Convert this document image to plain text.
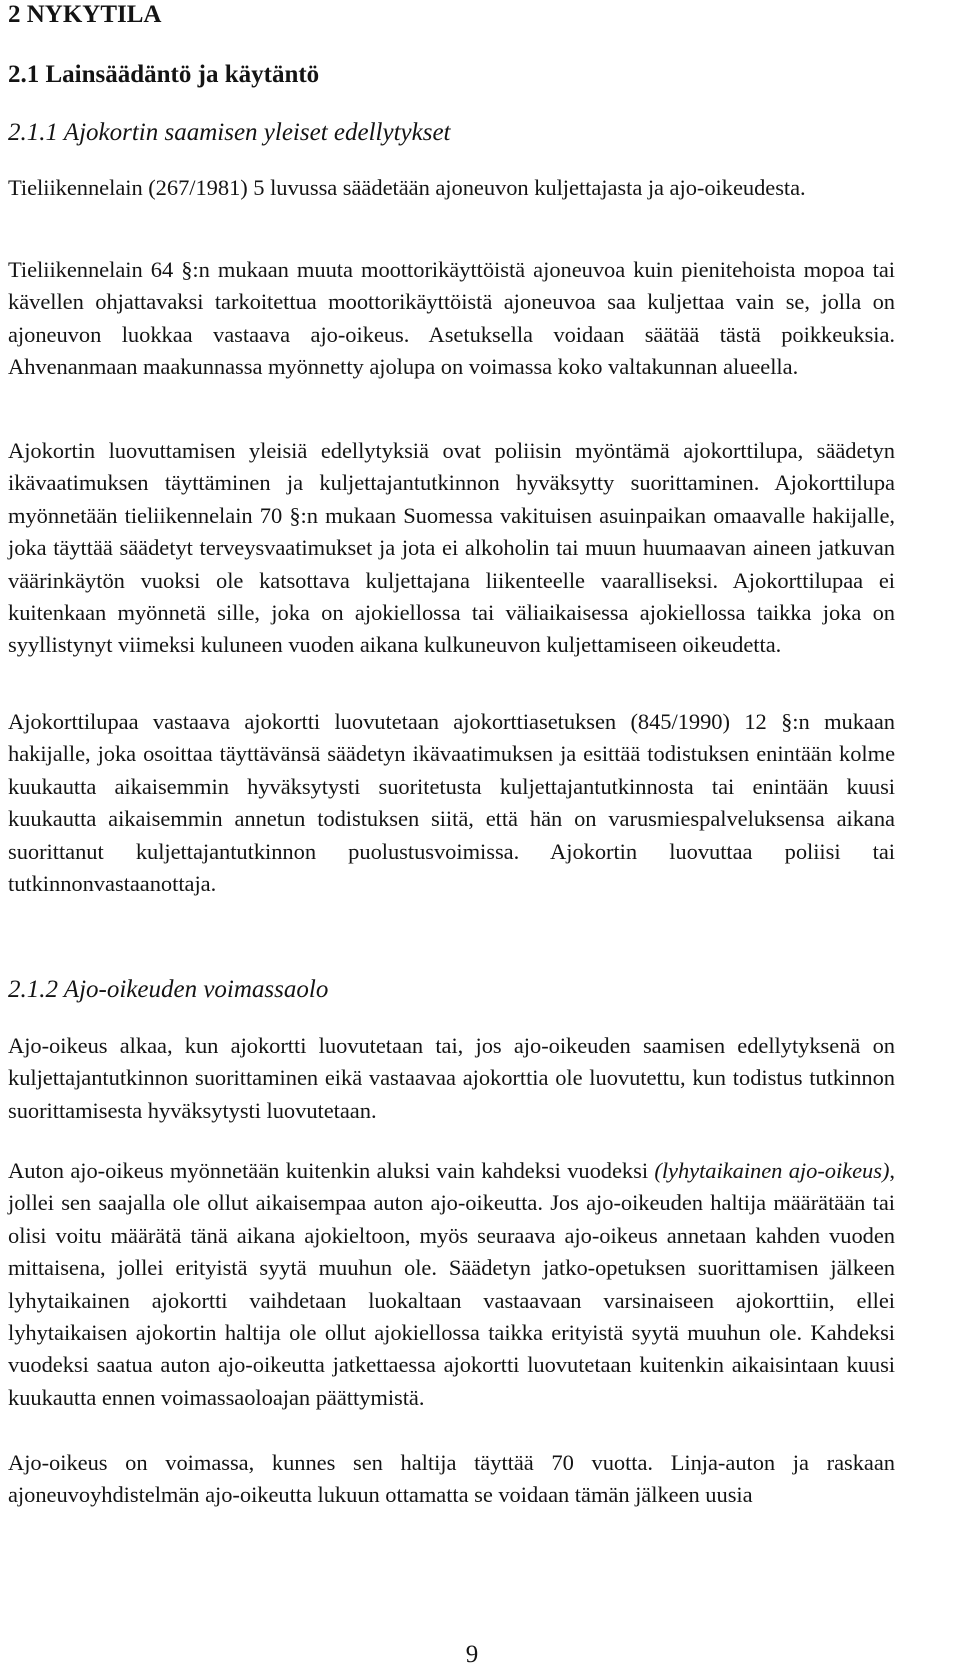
2 NYKYTILA
2.1 Lainsäädäntö ja käytäntö
2.1.1 Ajokortin saamisen yleiset edellytykset

Tieliikennelain (267/1981) 5 luvussa säädetään ajoneuvon kuljettajasta ja ajo-oikeudesta.

Tieliikennelain 64 §:n mukaan muuta moottorikäyttöistä ajoneuvoa kuin pienitehoista mopoa tai kävellen ohjattavaksi tarkoitettua moottorikäyttöistä ajoneuvoa saa kuljettaa vain se, jolla on ajoneuvon luokkaa vastaava ajo-oikeus. Asetuksella voidaan säätää tästä poikkeuksia. Ahvenanmaan maakunnassa myönnetty ajolupa on voimassa koko valtakunnan alueella.

Ajokortin luovuttamisen yleisiä edellytyksiä ovat poliisin myöntämä ajokorttilupa, säädetyn ikävaatimuksen täyttäminen ja kuljettajantutkinnon hyväksytty suorittaminen. Ajokorttilupa myönnetään tieliikennelain 70 §:n mukaan Suomessa vakituisen asuinpaikan omaavalle hakijalle, joka täyttää säädetyt terveysvaatimukset ja jota ei alkoholin tai muun huumaavan aineen jatkuvan väärinkäytön vuoksi ole katsottava kuljettajana liikenteelle vaaralliseksi. Ajokorttilupaa ei kuitenkaan myönnetä sille, joka on ajokiellossa tai väliaikaisessa ajokiellossa taikka joka on syyllistynyt viimeksi kuluneen vuoden aikana kulkuneuvon kuljettamiseen oikeudetta.

Ajokorttilupaa vastaava ajokortti luovutetaan ajokorttiasetuksen (845/1990) 12 §:n mukaan hakijalle, joka osoittaa täyttävänsä säädetyn ikävaatimuksen ja esittää todistuksen enintään kolme kuukautta aikaisemmin hyväksytysti suoritetusta kuljettajantutkinnosta tai enintään kuusi kuukautta aikaisemmin annetun todistuksen siitä, että hän on varusmiespalveluksensa aikana suorittanut kuljettajantutkinnon puolustusvoimissa. Ajokortin luovuttaa poliisi tai tutkinnonvastaanottaja.

2.1.2 Ajo-oikeuden voimassaolo

Ajo-oikeus alkaa, kun ajokortti luovutetaan tai, jos ajo-oikeuden saamisen edellytyksenä on kuljettajantutkinnon suorittaminen eikä vastaavaa ajokorttia ole luovutettu, kun todistus tutkinnon suorittamisesta hyväksytysti luovutetaan.

Auton ajo-oikeus myönnetään kuitenkin aluksi vain kahdeksi vuodeksi (lyhytaikainen ajo-oikeus), jollei sen saajalla ole ollut aikaisempaa auton ajo-oikeutta. Jos ajo-oikeuden haltija määrätään tai olisi voitu määrätä tänä aikana ajokieltoon, myös seuraava ajo-oikeus annetaan kahden vuoden mittaisena, jollei erityistä syytä muuhun ole. Säädetyn jatko-opetuksen suorittamisen jälkeen lyhytaikainen ajokortti vaihdetaan luokaltaan vastaavaan varsinaiseen ajokorttiin, ellei lyhytaikaisen ajokortin haltija ole ollut ajokiellossa taikka erityistä syytä muuhun ole. Kahdeksi vuodeksi saatua auton ajo-oikeutta jatkettaessa ajokortti luovutetaan kuitenkin aikaisintaan kuusi kuukautta ennen voimassaoloajan päättymistä.

Ajo-oikeus on voimassa, kunnes sen haltija täyttää 70 vuotta. Linja-auton ja raskaan ajoneuvoyhdistelmän ajo-oikeutta lukuun ottamatta se voidaan tämän jälkeen uusia

9
